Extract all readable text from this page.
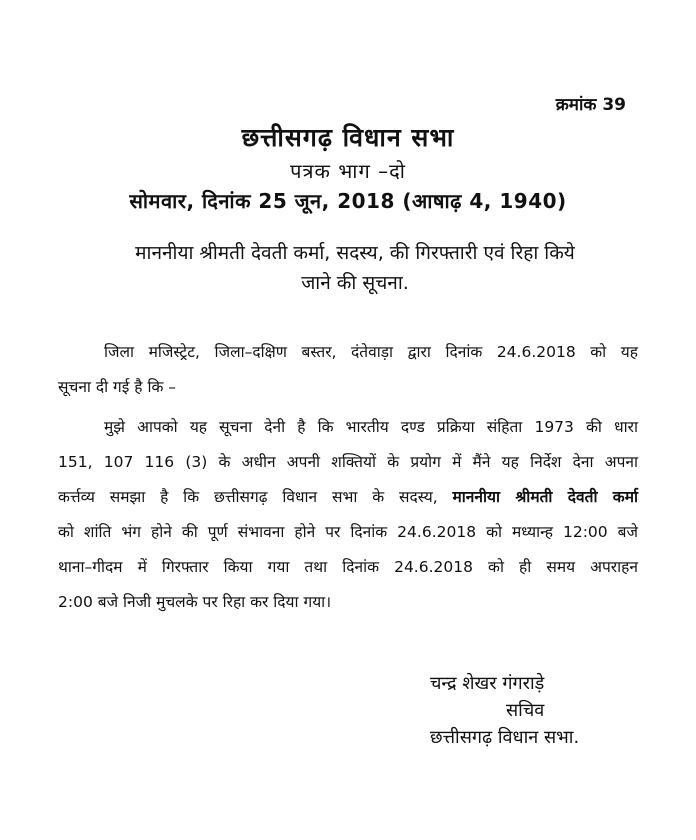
क्रमांक 39
छत्तीसगढ़ विधान सभा
पत्रक भाग –दो
सोमवार, दिनांक 25 जून, 2018 (आषाढ़ 4, 1940)
माननीया श्रीमती देवती कर्मा, सदस्य, की गिरफ्तारी एवं रिहा किये
जाने की सूचना.
जिला मजिस्ट्रेट, जिला–दक्षिण बस्तर, दंतेवाड़ा द्वारा दिनांक 24.6.2018 को यह
सूचना दी गई है कि –
मुझे आपको यह सूचना देनी है कि भारतीय दण्ड प्रक्रिया संहिता 1973 की धारा
151, 107 116 (3) के अधीन अपनी शक्तियों के प्रयोग में मैंने यह निर्देश देना अपना
कर्त्तव्य समझा है कि छत्तीसगढ़ विधान सभा के सदस्य, माननीया श्रीमती देवती कर्मा
को शांति भंग होने की पूर्ण संभावना होने पर दिनांक 24.6.2018 को मध्यान्ह 12:00 बजे
थाना–गीदम में गिरफ्तार किया गया तथा दिनांक 24.6.2018 को ही समय अपराहन
2:00 बजे निजी मुचलके पर रिहा कर दिया गया।
चन्द्र शेखर गंगराड़े
सचिव
छत्तीसगढ़ विधान सभा.
